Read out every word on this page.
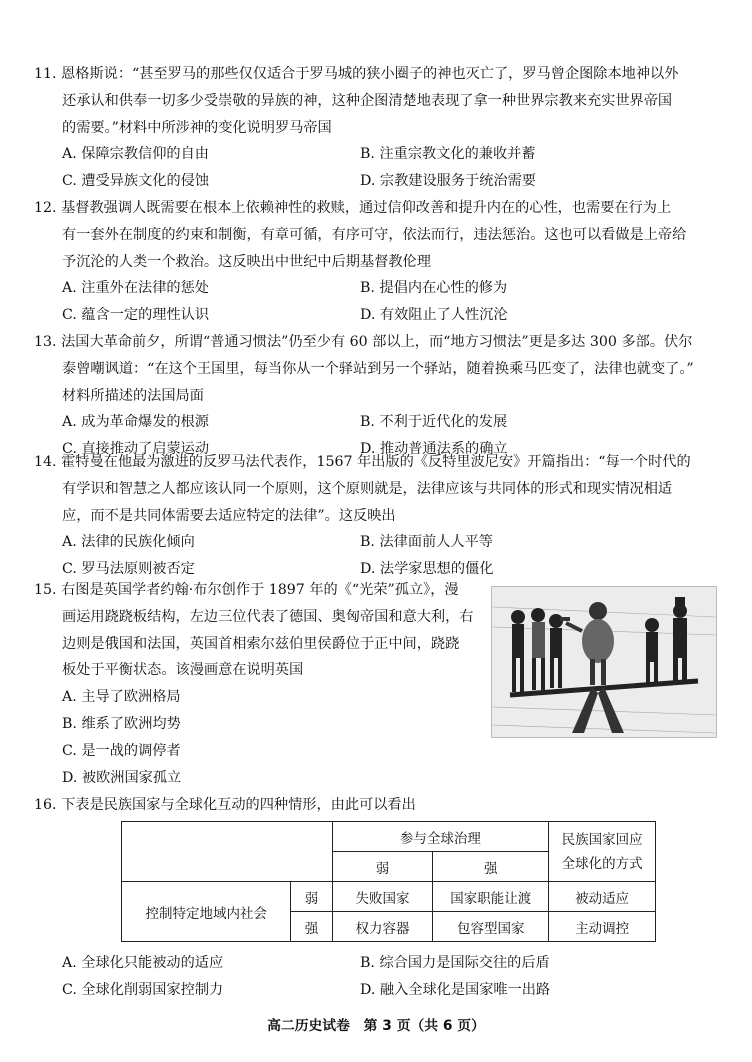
11. 恩格斯说：“甚至罗马的那些仅仅适合于罗马城的狭小圈子的神也灭亡了，罗马曾企图除本地神以外
还承认和供奉一切多少受崇敬的异族的神，这种企图清楚地表现了拿一种世界宗教来充实世界帝国
的需要。”材料中所涉神的变化说明罗马帝国
A. 保障宗教信仰的自由	B. 注重宗教文化的兼收并蓄
C. 遭受异族文化的侵蚀	D. 宗教建设服务于统治需要
12. 基督教强调人既需要在根本上依赖神性的救赎，通过信仰改善和提升内在的心性，也需要在行为上
有一套外在制度的约束和制衡，有章可循，有序可守，依法而行，违法惩治。这也可以看做是上帝给
予沉沦的人类一个救治。这反映出中世纪中后期基督教伦理
A. 注重外在法律的惩处	B. 提倡内在心性的修为
C. 蕴含一定的理性认识	D. 有效阻止了人性沉沦
13. 法国大革命前夕，所谓“普通习惯法”仍至少有 60 部以上，而“地方习惯法”更是多达 300 多部。伏尔
泰曾嘲讽道：“在这个王国里，每当你从一个驿站到另一个驿站，随着换乘马匹变了，法律也就变了。”
材料所描述的法国局面
A. 成为革命爆发的根源	B. 不利于近代化的发展
C. 直接推动了启蒙运动	D. 推动普通法系的确立
14. 霍特曼在他最为激进的反罗马法代表作，1567 年出版的《反特里波尼安》开篇指出：“每一个时代的
有学识和智慧之人都应该认同一个原则，这个原则就是，法律应该与共同体的形式和现实情况相适
应，而不是共同体需要去适应特定的法律”。这反映出
A. 法律的民族化倾向	B. 法律面前人人平等
C. 罗马法原则被否定	D. 法学家思想的僵化
15. 右图是英国学者约翰·布尔创作于 1897 年的《“光荣”孤立》，漫
画运用跷跷板结构，左边三位代表了德国、奥匈帝国和意大利，右
边则是俄国和法国，英国首相索尔兹伯里侯爵位于正中间，跷跷
板处于平衡状态。该漫画意在说明英国
A. 主导了欧洲格局
B. 维系了欧洲均势
C. 是一战的调停者
D. 被欧洲国家孤立
16. 下表是民族国家与全球化互动的四种情形，由此可以看出
		参与全球治理		民族国家回应
全球化的方式
		弱	强	
控制特定地域内社会	弱	失败国家	国家职能让渡	被动适应
	强	权力容器	包容型国家	主动调控
A. 全球化只能被动的适应	B. 综合国力是国际交往的后盾
C. 全球化削弱国家控制力	D. 融入全球化是国家唯一出路
高二历史试卷　第 3 页（共 6 页）
